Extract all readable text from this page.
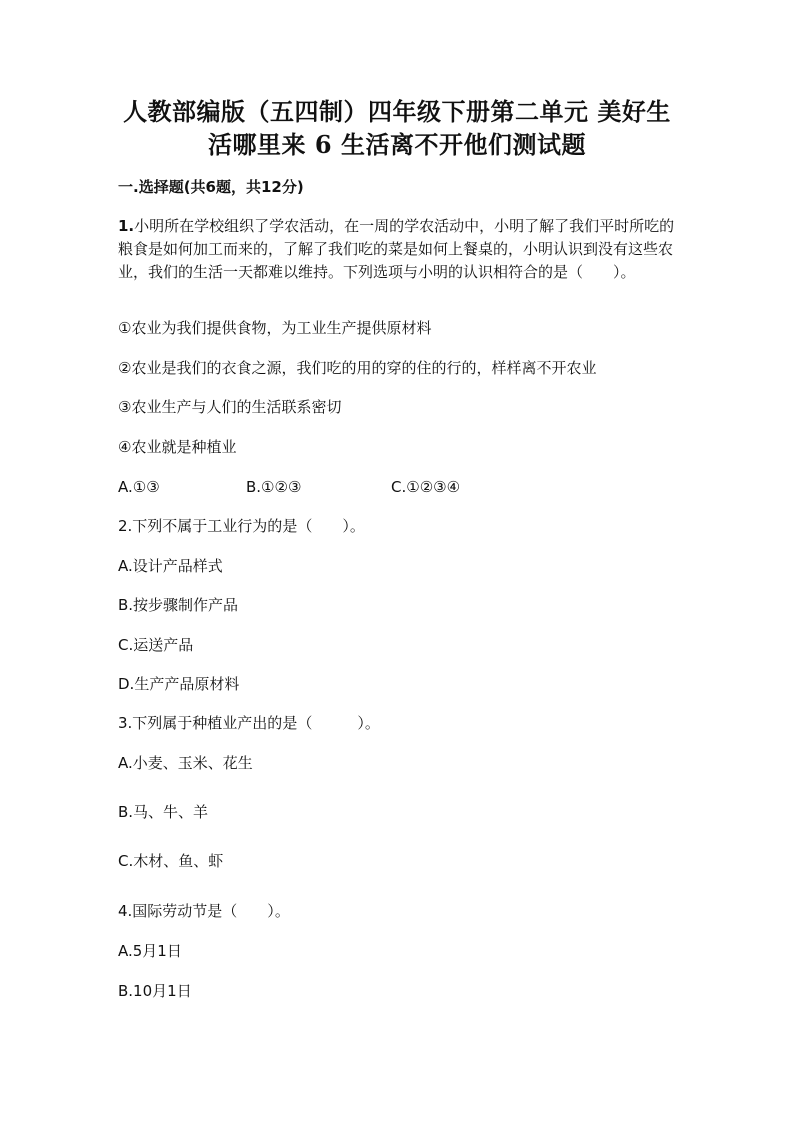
人教部编版（五四制）四年级下册第二单元 美好生
活哪里来 6 生活离不开他们测试题
一.选择题(共6题，共12分)
1.小明所在学校组织了学农活动，在一周的学农活动中，小明了解了我们平时所吃的粮食是如何加工而来的，了解了我们吃的菜是如何上餐桌的，小明认识到没有这些农业，我们的生活一天都难以维持。下列选项与小明的认识相符合的是（　　）。
①农业为我们提供食物，为工业生产提供原材料
②农业是我们的衣食之源，我们吃的用的穿的住的行的，样样离不开农业
③农业生产与人们的生活联系密切
④农业就是种植业
A.①③	B.①②③	C.①②③④
2.下列不属于工业行为的是（　　）。
A.设计产品样式
B.按步骤制作产品
C.运送产品
D.生产产品原材料
3.下列属于种植业产出的是（　　　）。
A.小麦、玉米、花生
B.马、牛、羊
C.木材、鱼、虾
4.国际劳动节是（　　）。
A.5月1日
B.10月1日
